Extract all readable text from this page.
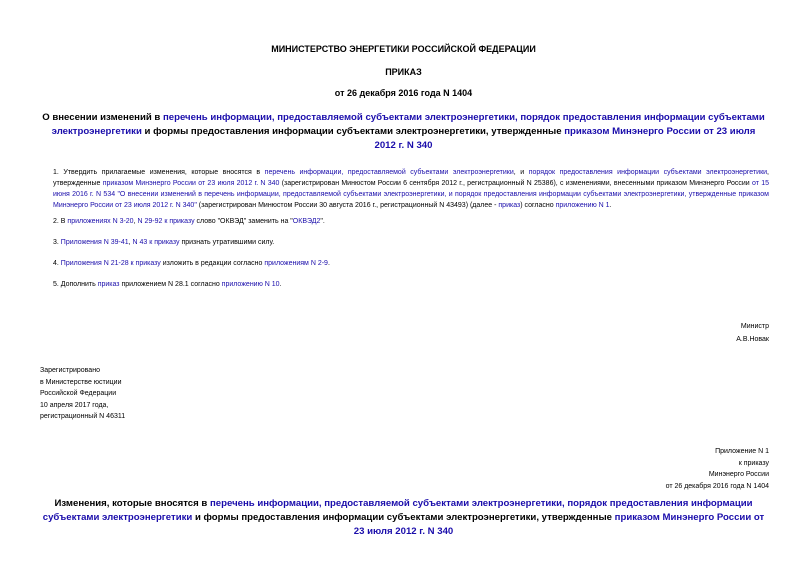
МИНИСТЕРСТВО ЭНЕРГЕТИКИ РОССИЙСКОЙ ФЕДЕРАЦИИ
ПРИКАЗ
от 26 декабря 2016 года N 1404
О внесении изменений в перечень информации, предоставляемой субъектами электроэнергетики, порядок предоставления информации субъектами электроэнергетики и формы предоставления информации субъектами электроэнергетики, утвержденные приказом Минэнерго России от 23 июля 2012 г. N 340
1. Утвердить прилагаемые изменения, которые вносятся в перечень информации, предоставляемой субъектами электроэнергетики, и порядок предоставления информации субъектами электроэнергетики, утвержденные приказом Минэнерго России от 23 июля 2012 г. N 340 (зарегистрирован Минюстом России 6 сентября 2012 г., регистрационный N 25386), с изменениями, внесенными приказом Минэнерго России от 15 июня 2016 г. N 534 "О внесении изменений в перечень информации, предоставляемой субъектами электроэнергетики, и порядок предоставления информации субъектами электроэнергетики, утвержденные приказом Минэнерго России от 23 июля 2012 г. N 340" (зарегистрирован Минюстом России 30 августа 2016 г., регистрационный N 43493) (далее - приказ) согласно приложению N 1.
2. В приложениях N 3-20, N 29-92 к приказу слово "ОКВЭД" заменить на "ОКВЭД2".
3. Приложения N 39-41, N 43 к приказу признать утратившими силу.
4. Приложения N 21-28 к приказу изложить в редакции согласно приложениям N 2-9.
5. Дополнить приказ приложением N 28.1 согласно приложению N 10.
Министр
А.В.Новак
Зарегистрировано
в Министерстве юстиции
Российской Федерации
10 апреля 2017 года,
регистрационный N 46311
Приложение N 1
к приказу
Минэнерго России
от 26 декабря 2016 года N 1404
Изменения, которые вносятся в перечень информации, предоставляемой субъектами электроэнергетики, порядок предоставления информации субъектами электроэнергетики и формы предоставления информации субъектами электроэнергетики, утвержденные приказом Минэнерго России от 23 июля 2012 г. N 340
